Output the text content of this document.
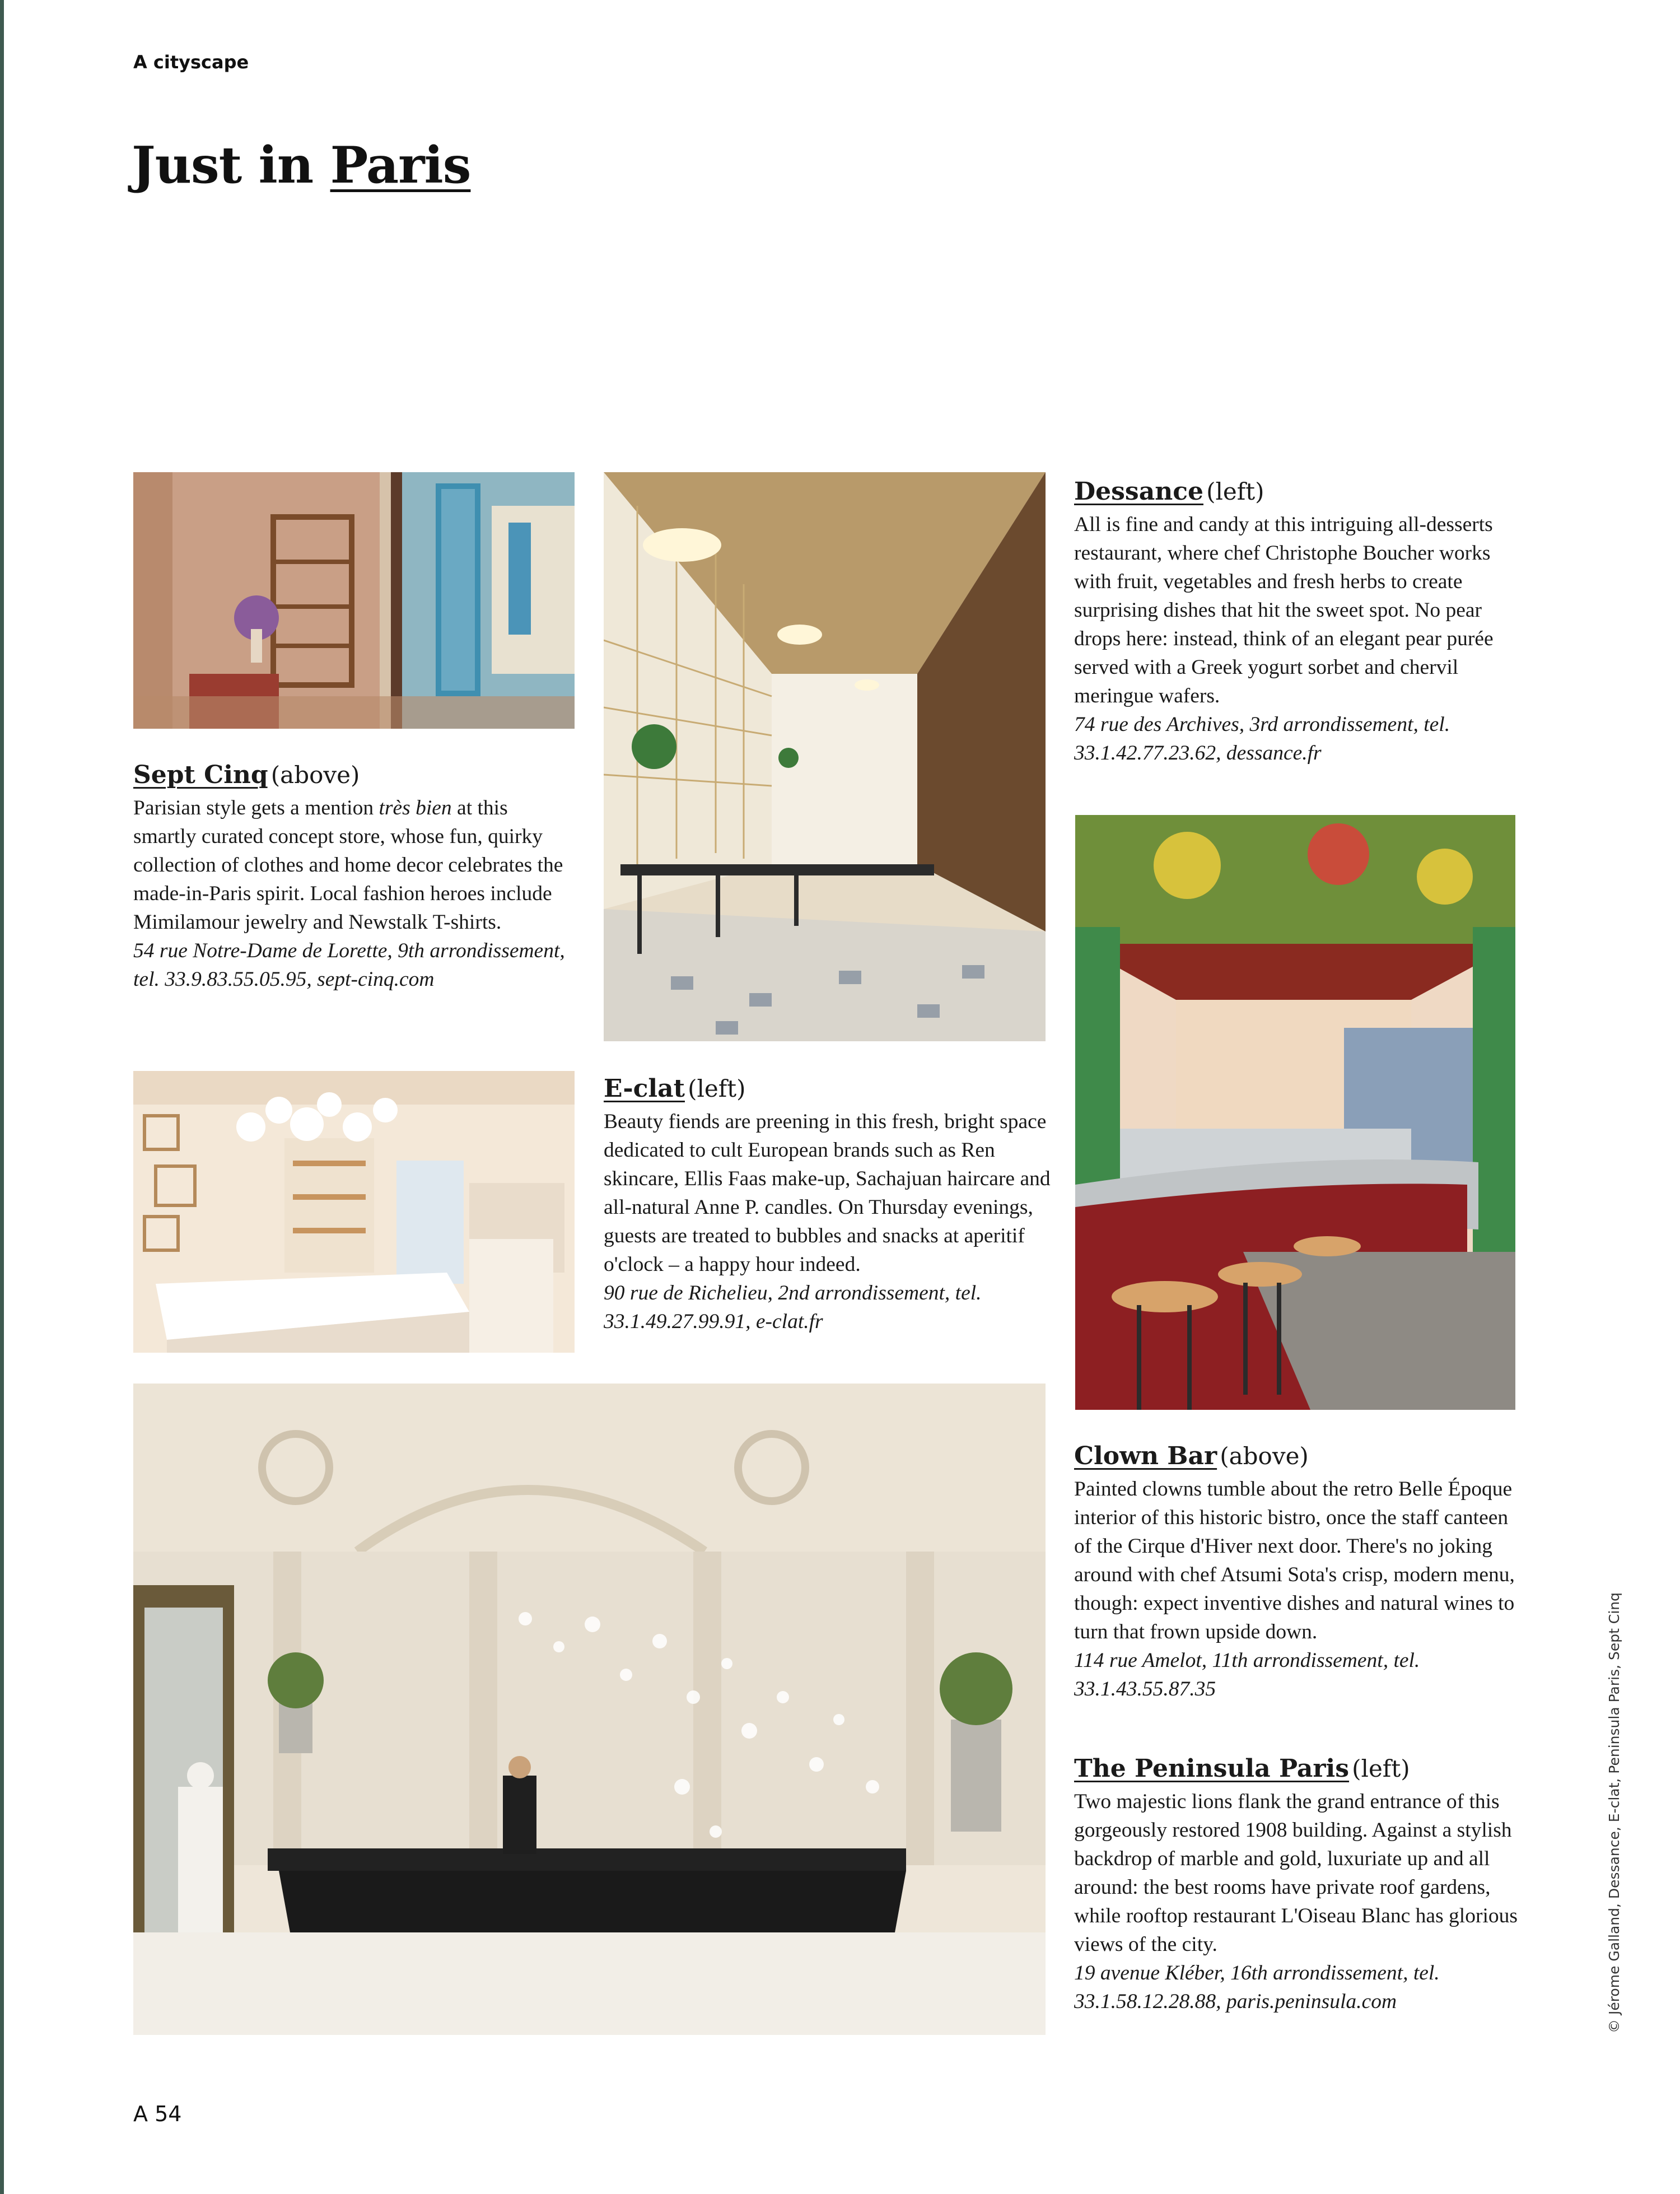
A cityscape
Just in Paris

Sept Cinq (above)

Parisian style gets a mention très bien at this smartly curated concept store, whose fun, quirky collection of clothes and home decor celebrates the made-in-Paris spirit. Local fashion heroes include Mimilamour jewelry and Newstalk T-shirts.

54 rue Notre-Dame de Lorette, 9th arrondissement, tel. 33.9.83.55.05.95, sept-cinq.com

E-clat (left)

Beauty fiends are preening in this fresh, bright space dedicated to cult European brands such as Ren skincare, Ellis Faas make-up, Sachajuan haircare and all-natural Anne P. candles. On Thursday evenings, guests are treated to bubbles and snacks at aperitif o'clock – a happy hour indeed.

90 rue de Richelieu, 2nd arrondissement, tel. 33.1.49.27.99.91, e-clat.fr

Dessance (left)

All is fine and candy at this intriguing all-desserts restaurant, where chef Christophe Boucher works with fruit, vegetables and fresh herbs to create surprising dishes that hit the sweet spot. No pear drops here: instead, think of an elegant pear purée served with a Greek yogurt sorbet and chervil meringue wafers.

74 rue des Archives, 3rd arrondissement, tel. 33.1.42.77.23.62, dessance.fr

Clown Bar (above)

Painted clowns tumble about the retro Belle Époque interior of this historic bistro, once the staff canteen of the Cirque d'Hiver next door. There's no joking around with chef Atsumi Sota's crisp, modern menu, though: expect inventive dishes and natural wines to turn that frown upside down.

114 rue Amelot, 11th arrondissement, tel. 33.1.43.55.87.35

The Peninsula Paris (left)

Two majestic lions flank the grand entrance of this gorgeously restored 1908 building. Against a stylish backdrop of marble and gold, luxuriate up and all around: the best rooms have private roof gardens, while rooftop restaurant L'Oiseau Blanc has glorious views of the city.

19 avenue Kléber, 16th arrondissement, tel. 33.1.58.12.28.88, paris.peninsula.com	© Jérome Galland, Dessance, E-clat, Peninsula Paris, Sept Cinq
A 54
